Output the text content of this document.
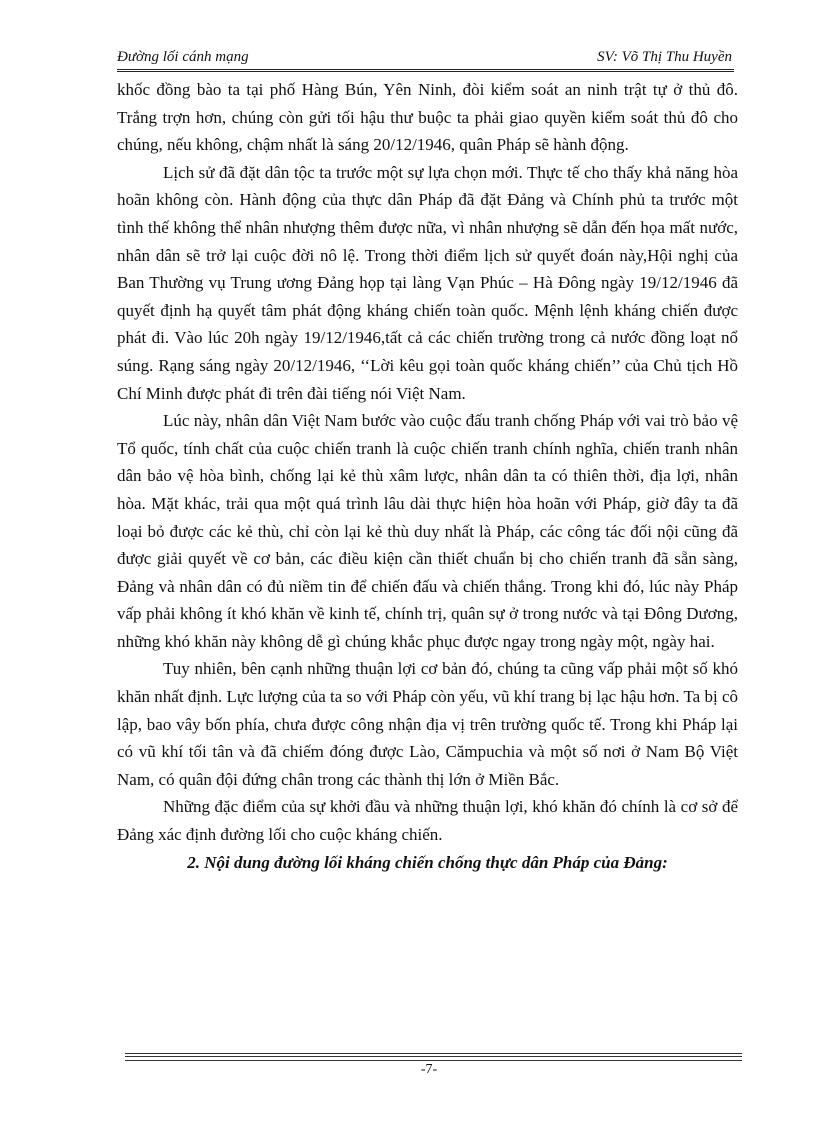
Đường lối cánh mạng	SV: Võ Thị Thu Huyền

khốc đồng bào ta tại phố Hàng Bún, Yên Ninh, đòi kiểm soát an ninh trật tự ở thủ đô. Trắng trợn hơn, chúng còn gửi tối hậu thư buộc ta phải giao quyền kiểm soát thủ đô cho chúng, nếu không, chậm nhất là sáng 20/12/1946, quân Pháp sẽ hành động.

Lịch sử đã đặt dân tộc ta trước một sự lựa chọn mới. Thực tế cho thấy khả năng hòa hoãn không còn. Hành động của thực dân Pháp đã đặt Đảng và Chính phủ ta trước một tình thế không thể nhân nhượng thêm được nữa, vì nhân nhượng sẽ dẫn đến họa mất nước, nhân dân sẽ trở lại cuộc đời nô lệ. Trong thời điểm lịch sử quyết đoán này,Hội nghị của Ban Thường vụ Trung ương Đảng họp tại làng Vạn Phúc – Hà Đông ngày 19/12/1946 đã quyết định hạ quyết tâm phát động kháng chiến toàn quốc. Mệnh lệnh kháng chiến được phát đi. Vào lúc 20h ngày 19/12/1946,tất cả các chiến trường trong cả nước đồng loạt nổ súng. Rạng sáng ngày 20/12/1946, ‘‘Lời kêu gọi toàn quốc kháng chiến’’ của Chủ tịch Hồ Chí Minh được phát đi trên đài tiếng nói Việt Nam.

Lúc này, nhân dân Việt Nam bước vào cuộc đấu tranh chống Pháp với vai trò bảo vệ Tổ quốc, tính chất của cuộc chiến tranh là cuộc chiến tranh chính nghĩa, chiến tranh nhân dân bảo vệ hòa bình, chống lại kẻ thù xâm lược, nhân dân ta có thiên thời, địa lợi, nhân hòa. Mặt khác, trải qua một quá trình lâu dài thực hiện hòa hoãn với Pháp, giờ đây ta đã loại bỏ được các kẻ thù, chỉ còn lại kẻ thù duy nhất là Pháp, các công tác đối nội cũng đã được giải quyết về cơ bản, các điều kiện cần thiết chuẩn bị cho chiến tranh đã sẵn sàng, Đảng và nhân dân có đủ niềm tin để chiến đấu và chiến thắng. Trong khi đó, lúc này Pháp vấp phải không ít khó khăn về kinh tế, chính trị, quân sự ở trong nước và tại Đông Dương, những khó khăn này không dễ gì chúng khắc phục được ngay trong ngày một, ngày hai.

Tuy nhiên, bên cạnh những thuận lợi cơ bản đó, chúng ta cũng vấp phải một số khó khăn nhất định. Lực lượng của ta so với Pháp còn yếu, vũ khí trang bị lạc hậu hơn. Ta bị cô lập, bao vây bốn phía, chưa được công nhận địa vị trên trường quốc tế. Trong khi Pháp lại có vũ khí tối tân và đã chiếm đóng được Lào, Cămpuchia và một số nơi ở Nam Bộ Việt Nam, có quân đội đứng chân trong các thành thị lớn ở Miền Bắc.

Những đặc điểm của sự khởi đầu và những thuận lợi, khó khăn đó chính là cơ sở để Đảng xác định đường lối cho cuộc kháng chiến.

2. Nội dung đường lối kháng chiến chống thực dân Pháp của Đảng:
-7-
